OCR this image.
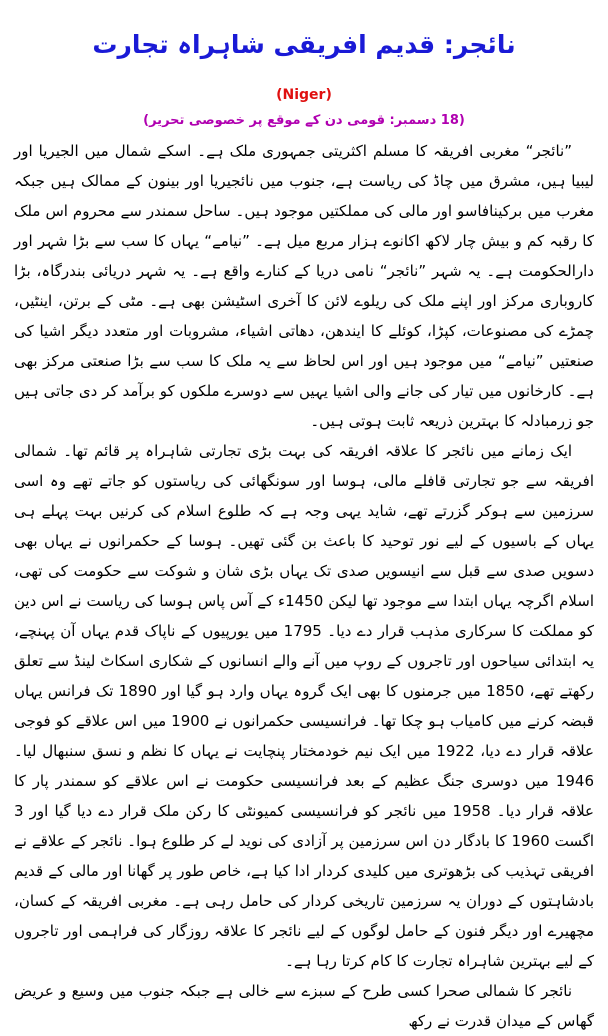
نائجر: قدیم افریقی شاہراہ تجارت
(Niger)
(18 دسمبر: قومی دن کے موقع پر خصوصی تحریر)

”نائجر“ مغربی افریقہ کا مسلم اکثریتی جمہوری ملک ہے۔ اسکے شمال میں الجیریا اور لیبیا ہیں، مشرق میں چاڈ کی ریاست ہے، جنوب میں نائجیریا اور بینون کے ممالک ہیں جبکہ مغرب میں برکینافاسو اور مالی کی مملکتیں موجود ہیں۔ ساحل سمندر سے محروم اس ملک کا رقبہ کم و بیش چار لاکھ اکانوے ہزار مربع میل ہے۔ ”نیامے“ یہاں کا سب سے بڑا شہر اور دارالحکومت ہے۔ یہ شہر ”نائجر“ نامی دریا کے کنارے واقع ہے۔ یہ شہر دریائی بندرگاہ، بڑا کاروباری مرکز اور اپنے ملک کی ریلوے لائن کا آخری اسٹیشن بھی ہے۔ مٹی کے برتن، اینٹیں، چمڑے کی مصنوعات، کپڑا، کوئلے کا ایندھن، دھاتی اشیاء، مشروبات اور متعدد دیگر اشیا کی صنعتیں ”نیامے“ میں موجود ہیں اور اس لحاظ سے یہ ملک کا سب سے بڑا صنعتی مرکز بھی ہے۔ کارخانوں میں تیار کی جانے والی اشیا یہیں سے دوسرے ملکوں کو برآمد کر دی جاتی ہیں جو زرمبادلہ کا بہترین ذریعہ ثابت ہوتی ہیں۔

ایک زمانے میں نائجر کا علاقہ افریقہ کی بہت بڑی تجارتی شاہراہ پر قائم تھا۔ شمالی افریقہ سے جو تجارتی قافلے مالی، ہوسا اور سونگھائی کی ریاستوں کو جاتے تھے وہ اسی سرزمین سے ہوکر گزرتے تھے، شاید یہی وجہ ہے کہ طلوع اسلام کی کرنیں بہت پہلے ہی یہاں کے باسیوں کے لیے نور توحید کا باعث بن گئی تھیں۔ ہوسا کے حکمرانوں نے یہاں بھی دسویں صدی سے قبل سے انیسویں صدی تک یہاں بڑی شان و شوکت سے حکومت کی تھی، اسلام اگرچہ یہاں ابتدا سے موجود تھا لیکن 1450ء کے آس پاس ہوسا کی ریاست نے اس دین کو مملکت کا سرکاری مذہب قرار دے دیا۔ 1795 میں یورپیوں کے ناپاک قدم یہاں آن پہنچے، یہ ابتدائی سیاحوں اور تاجروں کے روپ میں آنے والے انسانوں کے شکاری اسکاٹ لینڈ سے تعلق رکھتے تھے، 1850 میں جرمنوں کا بھی ایک گروہ یہاں وارد ہو گیا اور 1890 تک فرانس یہاں قبضہ کرنے میں کامیاب ہو چکا تھا۔ فرانسیسی حکمرانوں نے 1900 میں اس علاقے کو فوجی علاقہ قرار دے دیا، 1922 میں ایک نیم خودمختار پنچایت نے یہاں کا نظم و نسق سنبھال لیا۔ 1946 میں دوسری جنگ عظیم کے بعد فرانسیسی حکومت نے اس علاقے کو سمندر پار کا علاقہ قرار دیا۔ 1958 میں نائجر کو فرانسیسی کمیونٹی کا رکن ملک قرار دے دیا گیا اور 3 اگست 1960 کا بادگار دن اس سرزمین پر آزادی کی نوید لے کر طلوع ہوا۔ نائجر کے علاقے نے افریقی تہذیب کی بڑھوتری میں کلیدی کردار ادا کیا ہے، خاص طور پر گھانا اور مالی کے قدیم بادشاہتوں کے دوران یہ سرزمین تاریخی کردار کی حامل رہی ہے۔ مغربی افریقہ کے کسان، مچھیرے اور دیگر فنون کے حامل لوگوں کے لیے نائجر کا علاقہ روزگار کی فراہمی اور تاجروں کے لیے بہترین شاہراہ تجارت کا کام کرتا رہا ہے۔

نائجر کا شمالی صحرا کسی طرح کے سبزے سے خالی ہے جبکہ جنوب میں وسیع و عریض گھاس کے میدان قدرت نے رکھ
